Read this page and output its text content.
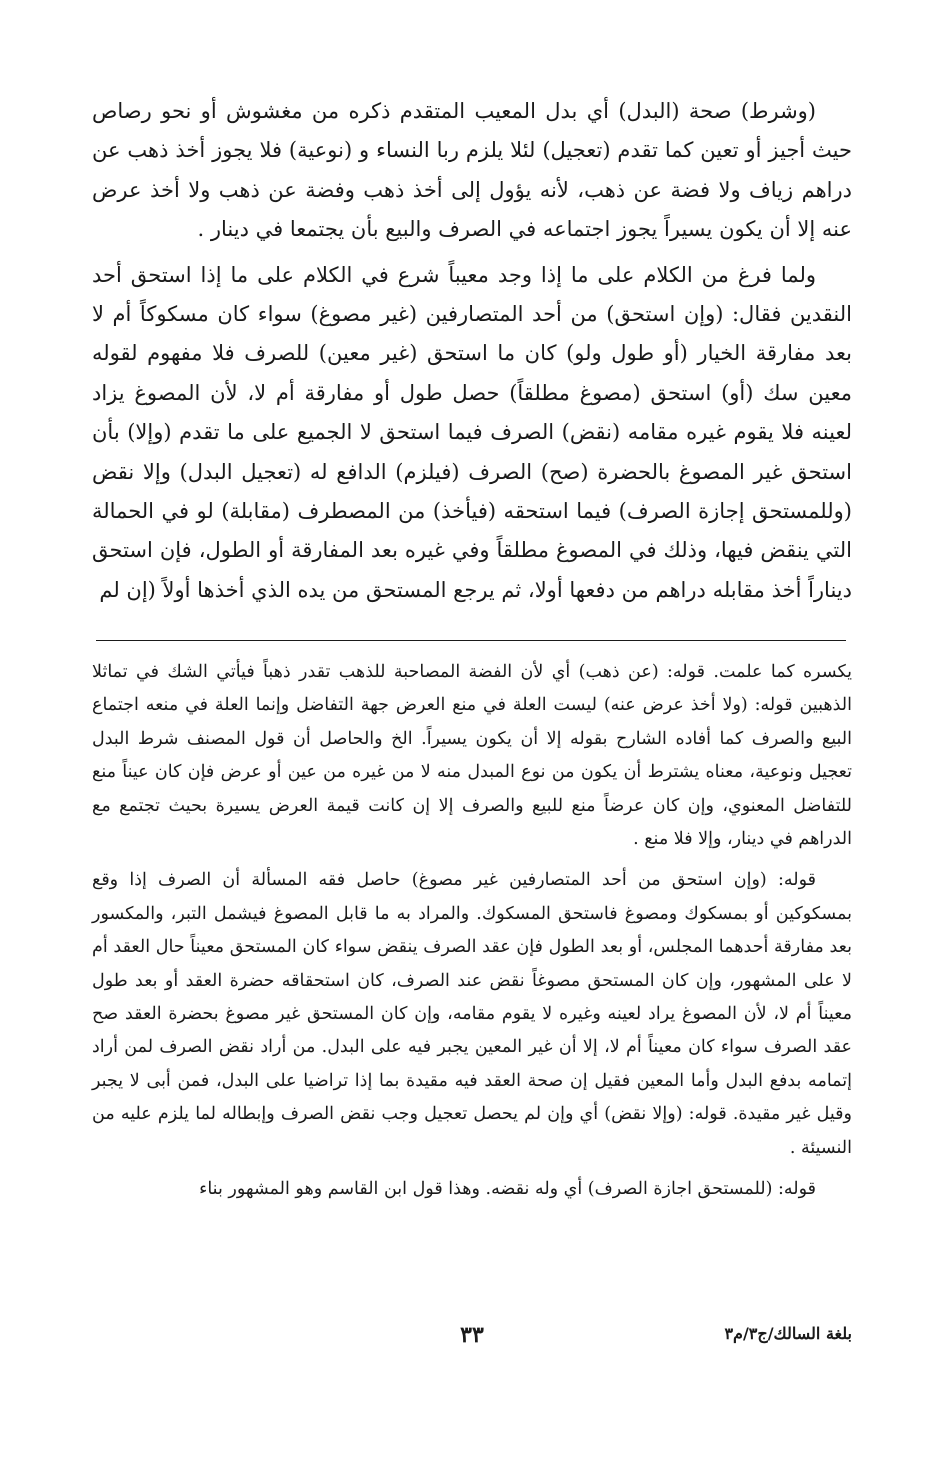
(وشرط) صحة (البدل) أي بدل المعيب المتقدم ذكره من مغشوش أو نحو رصاص حيث أجيز أو تعين كما تقدم (تعجيل) لئلا يلزم ربا النساء و (نوعية) فلا يجوز أخذ ذهب عن دراهم زياف ولا فضة عن ذهب، لأنه يؤول إلى أخذ ذهب وفضة عن ذهب ولا أخذ عرض عنه إلا أن يكون يسيراً يجوز اجتماعه في الصرف والبيع بأن يجتمعا في دينار .

ولما فرغ من الكلام على ما إذا وجد معيباً شرع في الكلام على ما إذا استحق أحد النقدين فقال: (وإن استحق) من أحد المتصارفين (غير مصوغ) سواء كان مسكوكاً أم لا بعد مفارقة الخيار (أو طول ولو) كان ما استحق (غير معين) للصرف فلا مفهوم لقوله معين سك (أو) استحق (مصوغ مطلقاً) حصل طول أو مفارقة أم لا، لأن المصوغ يزاد لعينه فلا يقوم غيره مقامه (نقض) الصرف فيما استحق لا الجميع على ما تقدم (وإلا) بأن استحق غير المصوغ بالحضرة (صح) الصرف (فيلزم) الدافع له (تعجيل البدل) وإلا نقض (وللمستحق إجازة الصرف) فيما استحقه (فيأخذ) من المصطرف (مقابلة) لو في الحمالة التي ينقض فيها، وذلك في المصوغ مطلقاً وفي غيره بعد المفارقة أو الطول، فإن استحق ديناراً أخذ مقابله دراهم من دفعها أولا، ثم يرجع المستحق من يده الذي أخذها أولاً (إن لم

يكسره كما علمت. قوله: (عن ذهب) أي لأن الفضة المصاحبة للذهب تقدر ذهباً فيأتي الشك في تماثلا الذهبين قوله: (ولا أخذ عرض عنه) ليست العلة في منع العرض جهة التفاضل وإنما العلة في منعه اجتماع البيع والصرف كما أفاده الشارح بقوله إلا أن يكون يسيراً. الخ والحاصل أن قول المصنف شرط البدل تعجيل ونوعية، معناه يشترط أن يكون من نوع المبدل منه لا من غيره من عين أو عرض فإن كان عيناً منع للتفاضل المعنوي، وإن كان عرضاً منع للبيع والصرف إلا إن كانت قيمة العرض يسيرة بحيث تجتمع مع الدراهم في دينار، وإلا فلا منع .

قوله: (وإن استحق من أحد المتصارفين غير مصوغ) حاصل فقه المسألة أن الصرف إذا وقع بمسكوكين أو بمسكوك ومصوغ فاستحق المسكوك. والمراد به ما قابل المصوغ فيشمل التبر، والمكسور بعد مفارقة أحدهما المجلس، أو بعد الطول فإن عقد الصرف ينقض سواء كان المستحق معيناً حال العقد أم لا على المشهور، وإن كان المستحق مصوغاً نقض عند الصرف، كان استحقاقه حضرة العقد أو بعد طول معيناً أم لا، لأن المصوغ يراد لعينه وغيره لا يقوم مقامه، وإن كان المستحق غير مصوغ بحضرة العقد صح عقد الصرف سواء كان معيناً أم لا، إلا أن غير المعين يجبر فيه على البدل. من أراد نقض الصرف لمن أراد إتمامه بدفع البدل وأما المعين فقيل إن صحة العقد فيه مقيدة بما إذا تراضيا على البدل، فمن أبى لا يجبر وقيل غير مقيدة. قوله: (وإلا نقض) أي وإن لم يحصل تعجيل وجب نقض الصرف وإبطاله لما يلزم عليه من النسيئة .

قوله: (للمستحق اجازة الصرف) أي وله نقضه. وهذا قول ابن القاسم وهو المشهور بناء

بلغة السالك/ج٣/م٣
٣٣
